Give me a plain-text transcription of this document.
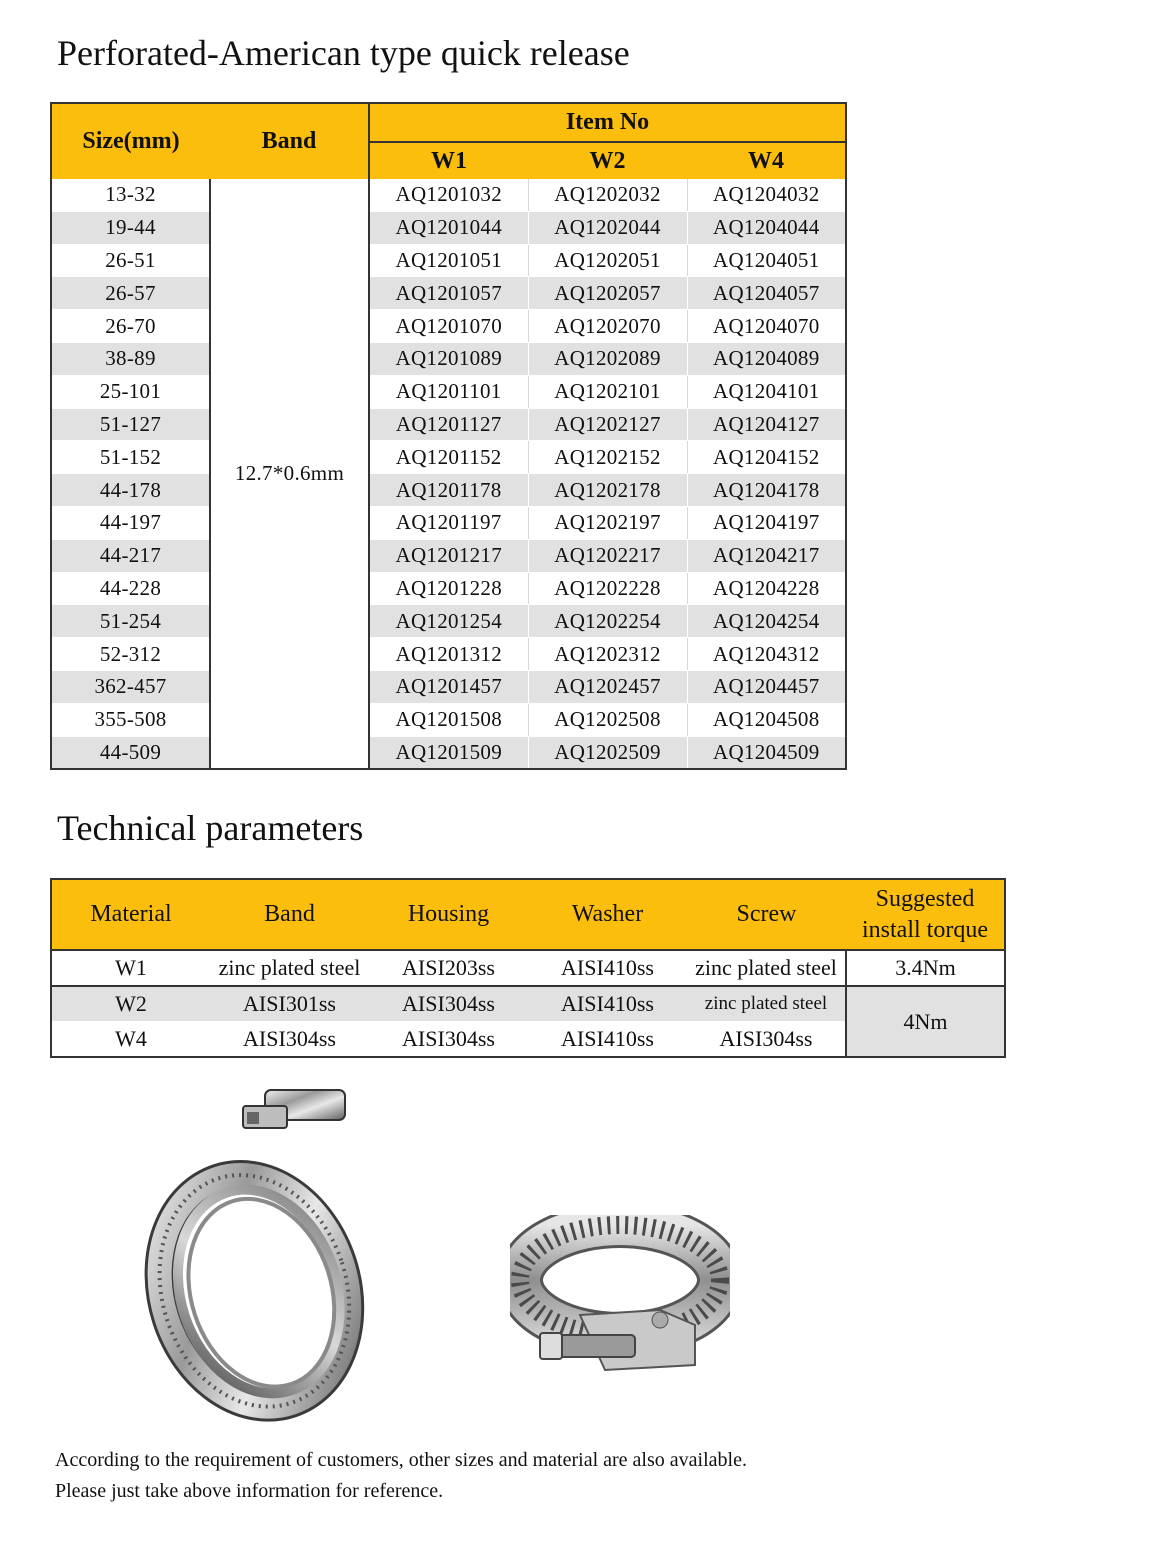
Perforated-American type quick release
Size(mm)	Band	Item No		
		W1	W2	W4
13-32	12.7*0.6mm	AQ1201032	AQ1202032	AQ1204032
19-44		AQ1201044	AQ1202044	AQ1204044
26-51		AQ1201051	AQ1202051	AQ1204051
26-57		AQ1201057	AQ1202057	AQ1204057
26-70		AQ1201070	AQ1202070	AQ1204070
38-89		AQ1201089	AQ1202089	AQ1204089
25-101		AQ1201101	AQ1202101	AQ1204101
51-127		AQ1201127	AQ1202127	AQ1204127
51-152		AQ1201152	AQ1202152	AQ1204152
44-178		AQ1201178	AQ1202178	AQ1204178
44-197		AQ1201197	AQ1202197	AQ1204197
44-217		AQ1201217	AQ1202217	AQ1204217
44-228		AQ1201228	AQ1202228	AQ1204228
51-254		AQ1201254	AQ1202254	AQ1204254
52-312		AQ1201312	AQ1202312	AQ1204312
362-457		AQ1201457	AQ1202457	AQ1204457
355-508		AQ1201508	AQ1202508	AQ1204508
44-509		AQ1201509	AQ1202509	AQ1204509
Technical parameters
Material	Band	Housing	Washer	Screw	Suggested
install torque
W1	zinc plated steel	AISI203ss	AISI410ss	zinc plated steel	3.4Nm
W2	AISI301ss	AISI304ss	AISI410ss	zinc plated steel	4Nm
W4	AISI304ss	AISI304ss	AISI410ss	AISI304ss	

According to the requirement of customers, other sizes and material are also available.

Please just take above information for reference.
